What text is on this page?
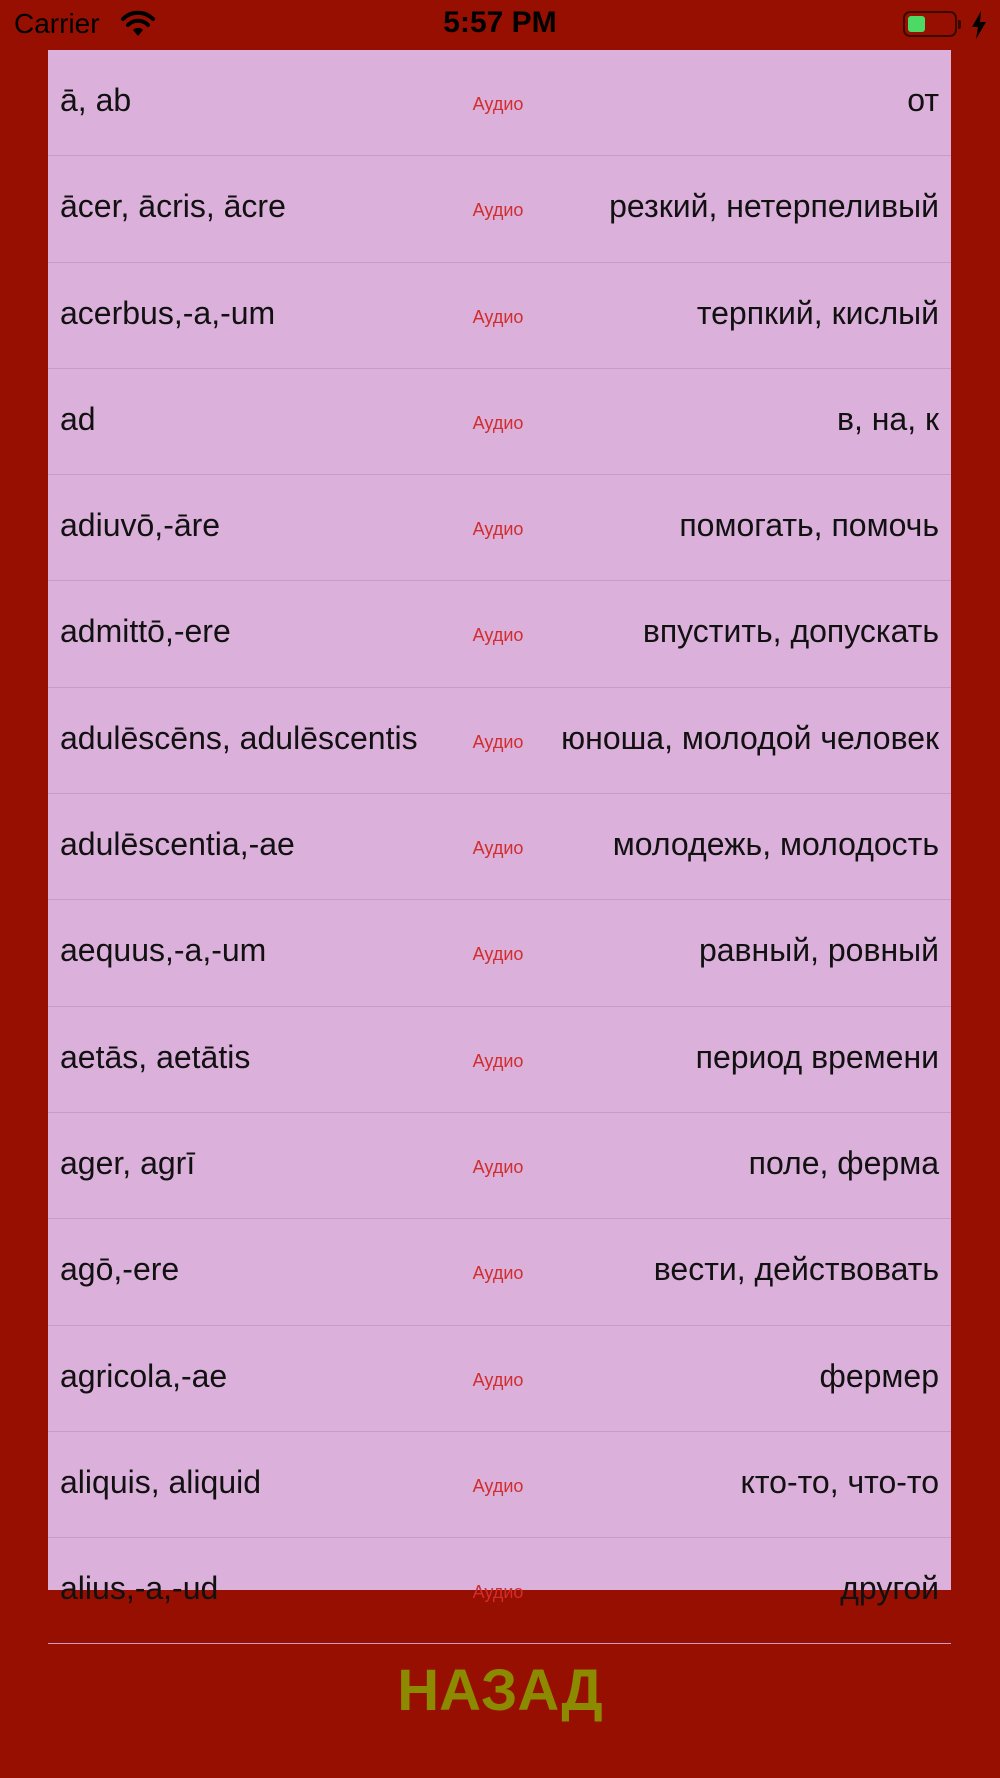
Carrier	5:57 PM
ā, ab	Аудио	от
ācer, ācris, ācre	Аудио	резкий, нетерпеливый
acerbus,-a,-um	Аудио	терпкий, кислый
ad	Аудио	в, на, к
adiuvō,-āre	Аудио	помогать, помочь
admittō,-ere	Аудио	впустить, допускать
adulēscēns, adulēscentis	Аудио	юноша, молодой человек
adulēscentia,-ae	Аудио	молодежь, молодость
aequus,-a,-um	Аудио	равный, ровный
aetās, aetātis	Аудио	период времени
ager, agrī	Аудио	поле, ферма
agō,-ere	Аудио	вести, действовать
agricola,-ae	Аудио	фермер
aliquis, aliquid	Аудио	кто-то, что-то
alius,-a,-ud	Аудио	другой
НАЗАД
